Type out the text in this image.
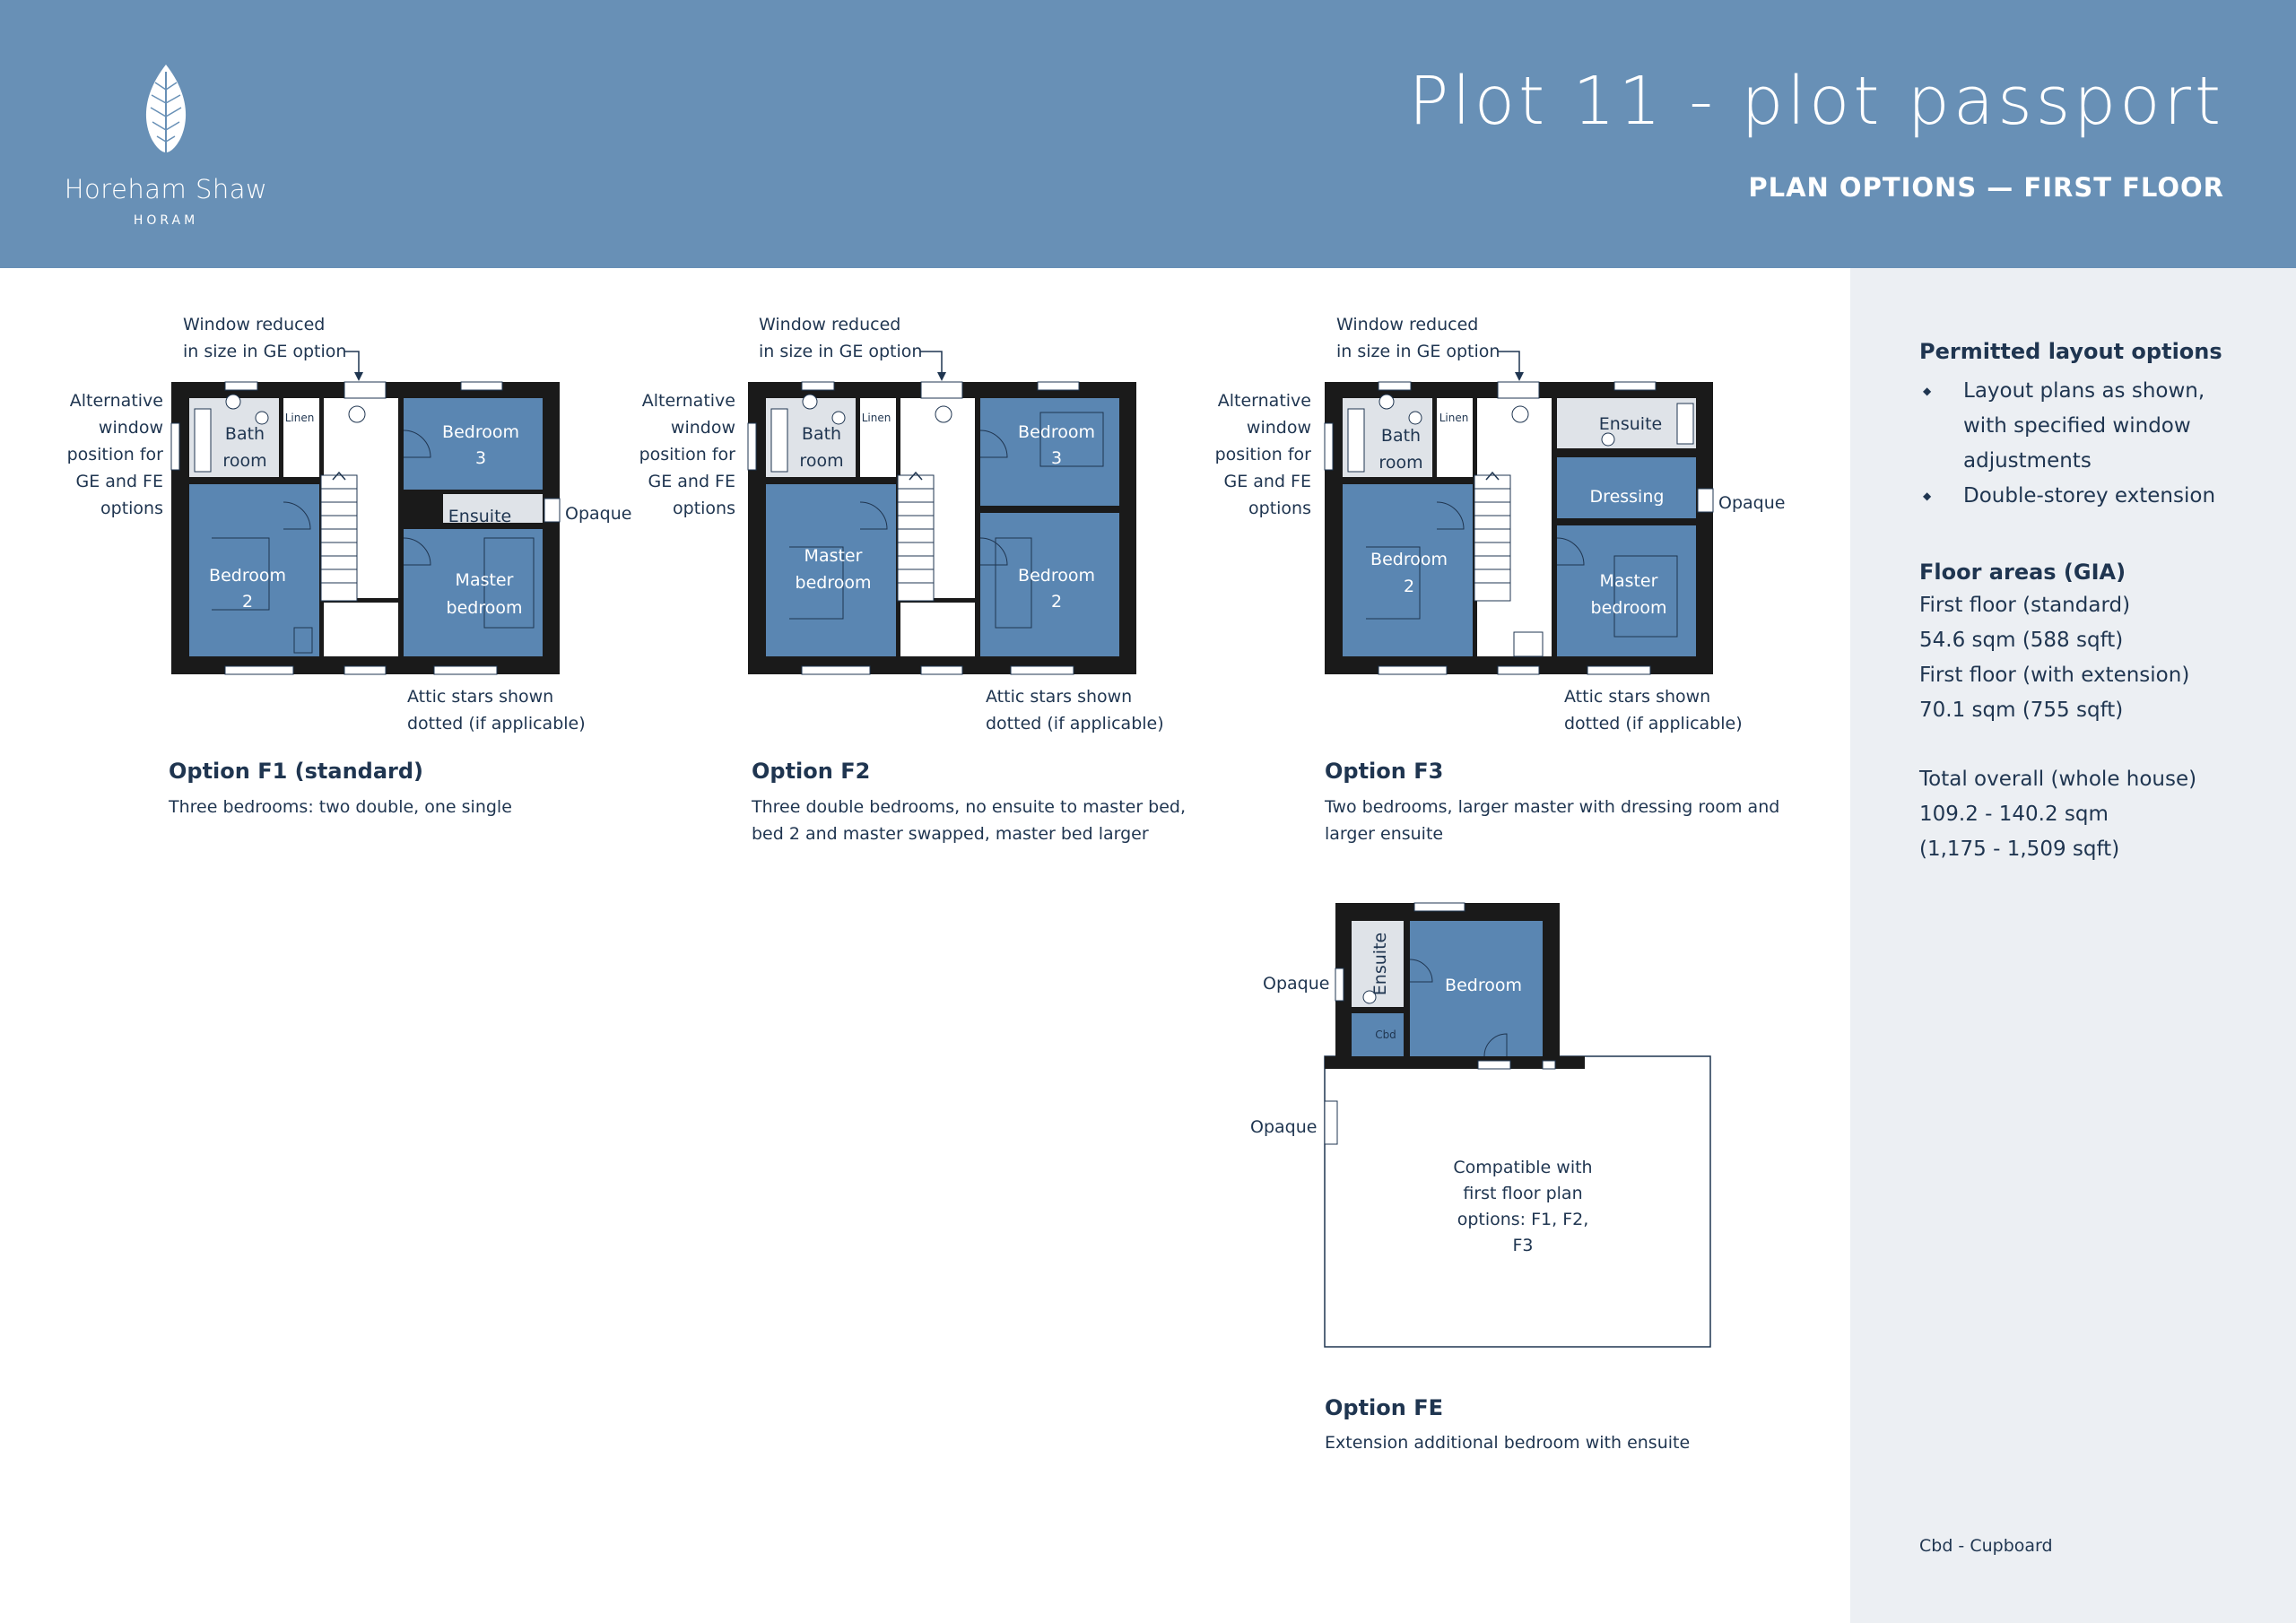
Horeham Shaw
HORAM
Plot 11 - plot passport
PLAN OPTIONS — FIRST FLOOR
Permitted layout options
◆ Layout plans as shown, with specified window adjustments
◆ Double-storey extension
Floor areas (GIA)
First floor (standard)
54.6 sqm (588 sqft)
First floor (with extension)
70.1 sqm (755 sqft)
Total overall (whole house)
109.2 - 140.2 sqm
(1,175 - 1,509 sqft)
Cbd - Cupboard
Window reduced
in size in GE option
Alternative
window
position for
GE and FE
options
Bath
room
Linen
Bedroom
3
Ensuite
Bedroom
2
Master
bedroom
Opaque
Attic stars shown
dotted (if applicable)
Option F1 (standard)
Three bedrooms: two double, one single
Window reduced
in size in GE option
Alternative
window
position for
GE and FE
options
Bath
room
Linen
Bedroom
3
Master
bedroom	Bedroom
2
Attic stars shown
dotted (if applicable)
Option F2
Three double bedrooms, no ensuite to master bed,
bed 2 and master swapped, master bed larger
Window reduced
in size in GE option
Alternative
window
position for
GE and FE
options
Bath
room
Linen	Ensuite
Dressing
Bedroom
2	Master
bedroom
Opaque
Attic stars shown
dotted (if applicable)
Option F3
Two bedrooms, larger master with dressing room and
larger ensuite
Ensuite	Bedroom
Cbd
Compatible with
first floor plan
options: F1, F2,
F3
Opaque
Opaque
Option FE
Extension additional bedroom with ensuite
